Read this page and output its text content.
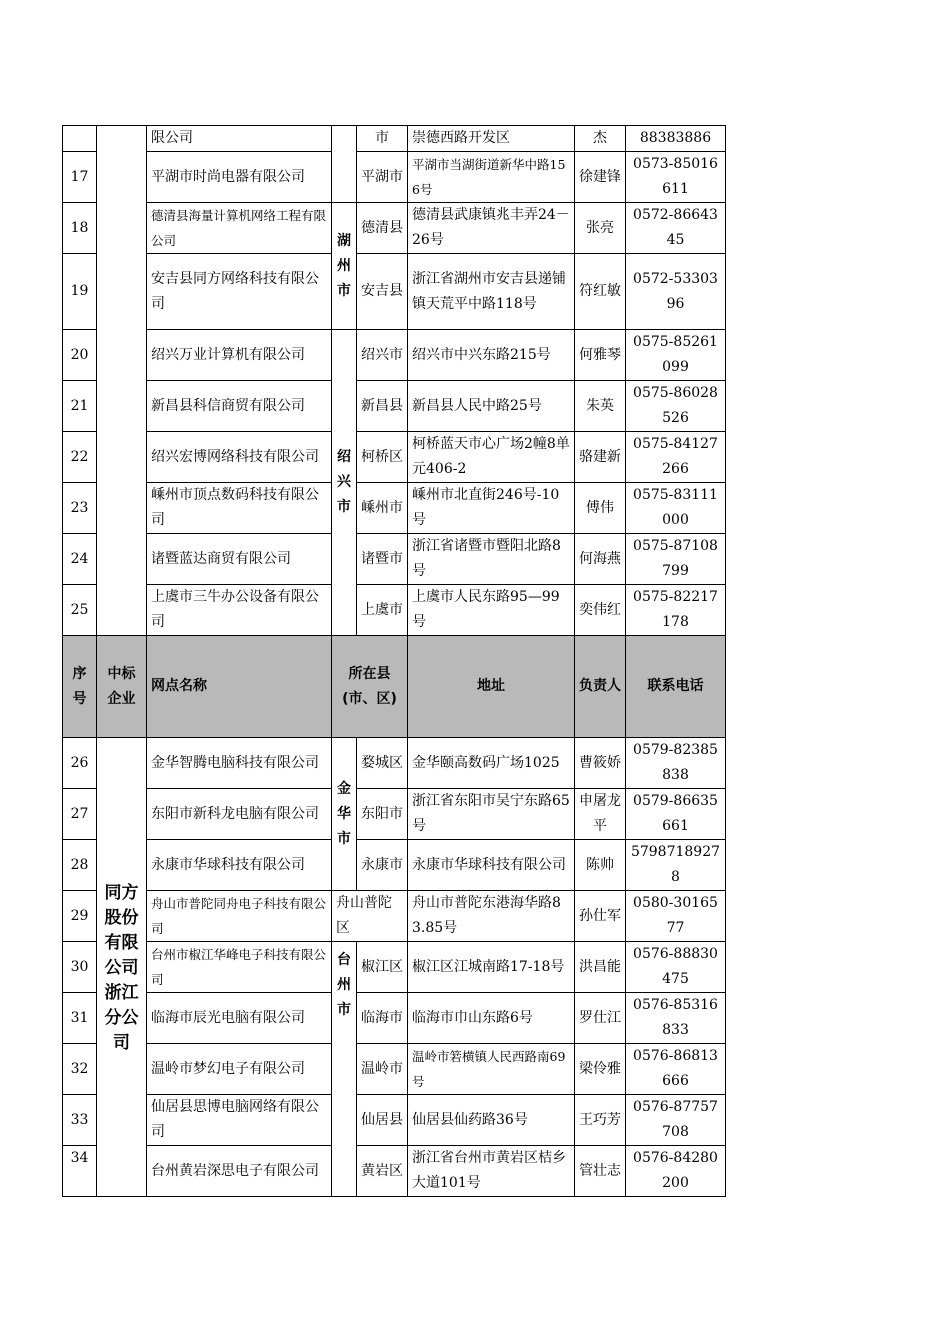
		限公司		市	崇德西路开发区	杰	88383886
17		平湖市时尚电器有限公司		平湖市	平湖市当湖街道新华中路156号	徐建锋	0573-85016611
18		德清县海量计算机网络工程有限公司	湖州市	德清县	德清县武康镇兆丰弄24－26号	张亮	0572-8664345
19		安吉县同方网络科技有限公司		安吉县	浙江省湖州市安吉县递铺镇天荒平中路118号	符红敏	0572-5330396
20		绍兴万业计算机有限公司	绍兴市	绍兴市	绍兴市中兴东路215号	何雅琴	0575-85261099
21		新昌县科信商贸有限公司		新昌县	新昌县人民中路25号	朱英	0575-86028526
22		绍兴宏博网络科技有限公司		柯桥区	柯桥蓝天市心广场2幢8单元406-2	骆建新	0575-84127266
23		嵊州市顶点数码科技有限公司		嵊州市	嵊州市北直街246号-10号	傅伟	0575-83111000
24		诸暨蓝达商贸有限公司		诸暨市	浙江省诸暨市暨阳北路8号	何海燕	0575-87108799
25		上虞市三牛办公设备有限公司		上虞市	上虞市人民东路95—99号	奕伟红	0575-82217178
序号	中标企业	网点名称	所在县(市、区)		地址	负责人	联系电话
26	同方股份有限公司浙江分公司	金华智腾电脑科技有限公司	金华市	婺城区	金华颐高数码广场1025	曹筱娇	0579-82385838
27		东阳市新科龙电脑有限公司		东阳市	浙江省东阳市吴宁东路65号	申屠龙平	0579-86635661
28		永康市华球科技有限公司		永康市	永康市华球科技有限公司	陈帅	57987189278
29		舟山市普陀同舟电子科技有限公司	舟山普陀区		舟山市普陀东港海华路83.85号	孙仕军	0580-3016577
30		台州市椒江华峰电子科技有限公司	台州市	椒江区	椒江区江城南路17-18号	洪昌能	0576-88830475
31		临海市辰光电脑有限公司		临海市	临海市巾山东路6号	罗仕江	0576-85316833
32		温岭市梦幻电子有限公司		温岭市	温岭市箬横镇人民西路南69号	梁伶雅	0576-86813666
33		仙居县思博电脑网络有限公司		仙居县	仙居县仙药路36号	王巧芳	0576-87757708
34		台州黄岩深思电子有限公司		黄岩区	浙江省台州市黄岩区桔乡大道101号	管壮志	0576-84280200
